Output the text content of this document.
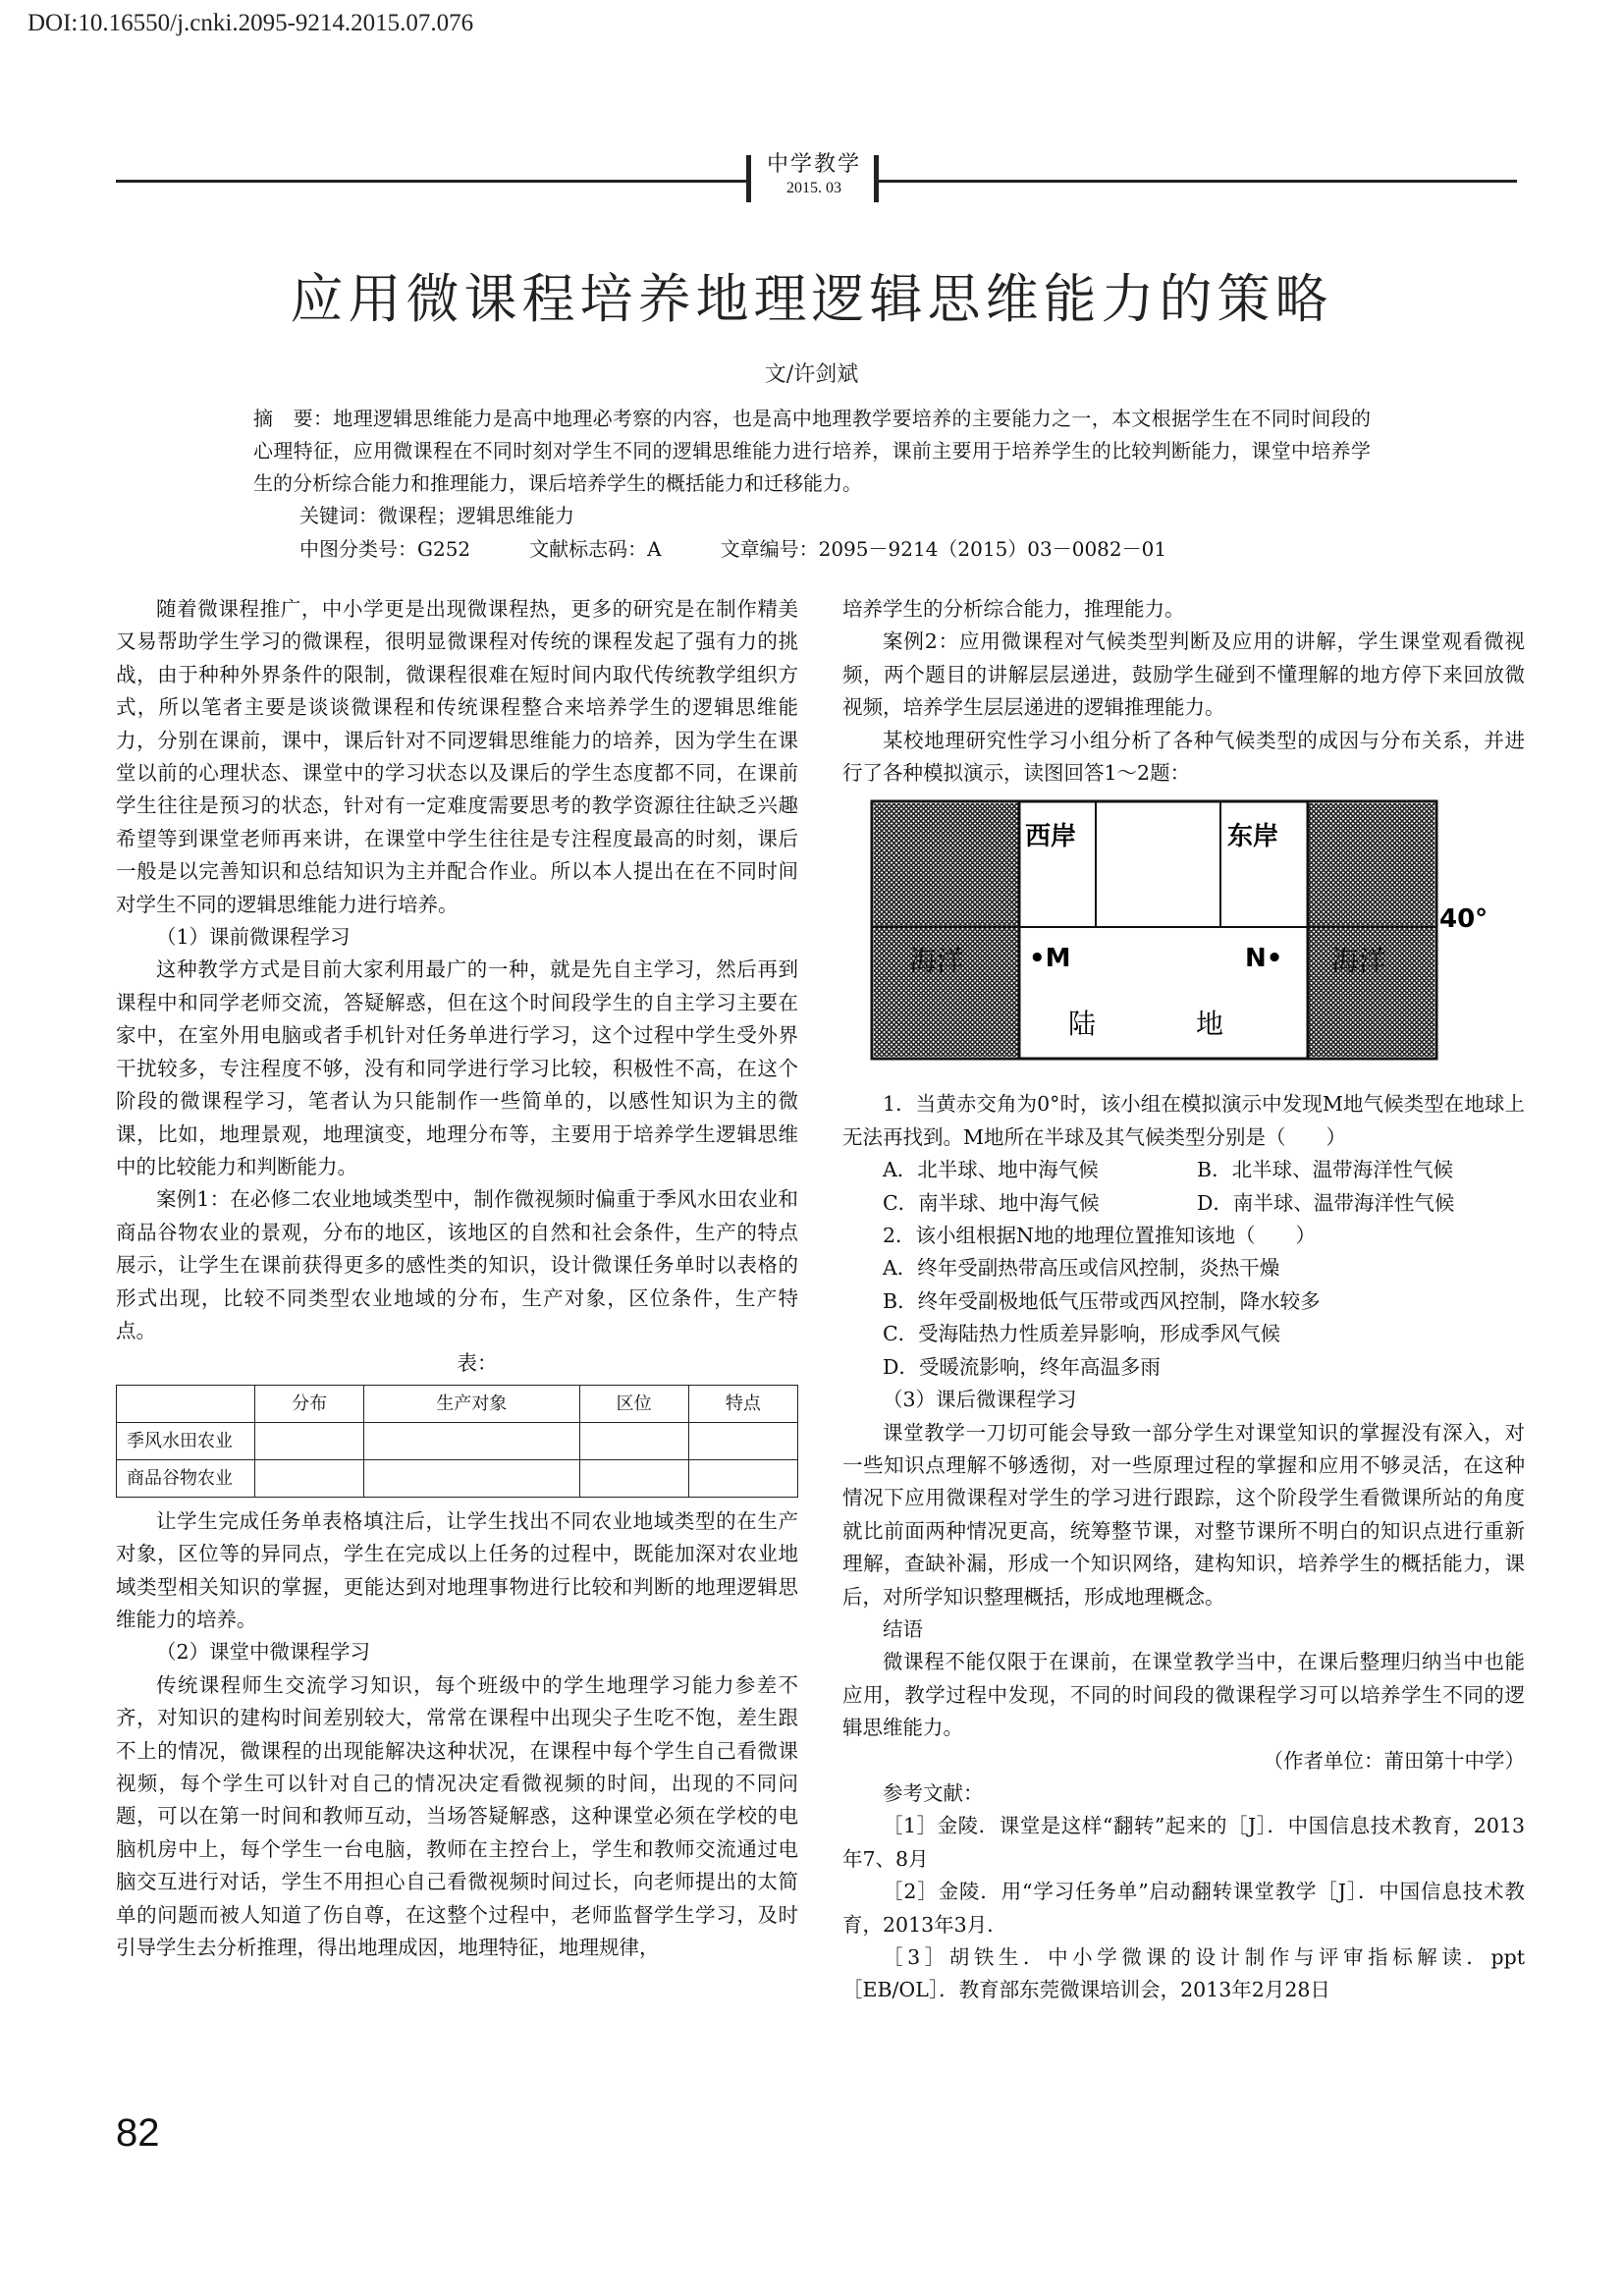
DOI:10.16550/j.cnki.2095-9214.2015.07.076
中学教学
2015. 03
应用微课程培养地理逻辑思维能力的策略
文/许剑斌
摘　要：地理逻辑思维能力是高中地理必考察的内容，也是高中地理教学要培养的主要能力之一，本文根据学生在不同时间段的心理特征，应用微课程在不同时刻对学生不同的逻辑思维能力进行培养，课前主要用于培养学生的比较判断能力，课堂中培养学生的分析综合能力和推理能力，课后培养学生的概括能力和迁移能力。
关键词：微课程；逻辑思维能力
中图分类号：G252　　　文献标志码：A　　　文章编号：2095－9214（2015）03－0082－01

随着微课程推广，中小学更是出现微课程热，更多的研究是在制作精美又易帮助学生学习的微课程，很明显微课程对传统的课程发起了强有力的挑战，由于种种外界条件的限制，微课程很难在短时间内取代传统教学组织方式，所以笔者主要是谈谈微课程和传统课程整合来培养学生的逻辑思维能力，分别在课前，课中，课后针对不同逻辑思维能力的培养，因为学生在课堂以前的心理状态、课堂中的学习状态以及课后的学生态度都不同，在课前学生往往是预习的状态，针对有一定难度需要思考的教学资源往往缺乏兴趣希望等到课堂老师再来讲，在课堂中学生往往是专注程度最高的时刻，课后一般是以完善知识和总结知识为主并配合作业。所以本人提出在在不同时间对学生不同的逻辑思维能力进行培养。

（1）课前微课程学习

这种教学方式是目前大家利用最广的一种，就是先自主学习，然后再到课程中和同学老师交流，答疑解惑，但在这个时间段学生的自主学习主要在家中，在室外用电脑或者手机针对任务单进行学习，这个过程中学生受外界干扰较多，专注程度不够，没有和同学进行学习比较，积极性不高，在这个阶段的微课程学习，笔者认为只能制作一些简单的，以感性知识为主的微课，比如，地理景观，地理演变，地理分布等，主要用于培养学生逻辑思维中的比较能力和判断能力。

案例1：在必修二农业地域类型中，制作微视频时偏重于季风水田农业和商品谷物农业的景观，分布的地区，该地区的自然和社会条件，生产的特点展示，让学生在课前获得更多的感性类的知识，设计微课任务单时以表格的形式出现，比较不同类型农业地域的分布，生产对象，区位条件，生产特点。

表：

	分布	生产对象	区位	特点
季风水田农业				
商品谷物农业				

让学生完成任务单表格填注后，让学生找出不同农业地域类型的在生产对象，区位等的异同点，学生在完成以上任务的过程中，既能加深对农业地域类型相关知识的掌握，更能达到对地理事物进行比较和判断的地理逻辑思维能力的培养。

（2）课堂中微课程学习

传统课程师生交流学习知识，每个班级中的学生地理学习能力参差不齐，对知识的建构时间差别较大，常常在课程中出现尖子生吃不饱，差生跟不上的情况，微课程的出现能解决这种状况，在课程中每个学生自己看微课视频，每个学生可以针对自己的情况决定看微视频的时间，出现的不同问题，可以在第一时间和教师互动，当场答疑解惑，这种课堂必须在学校的电脑机房中上，每个学生一台电脑，教师在主控台上，学生和教师交流通过电脑交互进行对话，学生不用担心自己看微视频时间过长，向老师提出的太简单的问题而被人知道了伤自尊，在这整个过程中，老师监督学生学习，及时引导学生去分析推理，得出地理成因，地理特征，地理规律，

培养学生的分析综合能力，推理能力。

案例2：应用微课程对气候类型判断及应用的讲解，学生课堂观看微视频，两个题目的讲解层层递进，鼓励学生碰到不懂理解的地方停下来回放微视频，培养学生层层递进的逻辑推理能力。

某校地理研究性学习小组分析了各种气候类型的成因与分布关系，并进行了各种模拟演示，读图回答1～2题：

西岸	东岸
40°
海洋	海洋
•M	N•
陆	地

1．当黄赤交角为0°时，该小组在模拟演示中发现M地气候类型在地球上无法再找到。M地所在半球及其气候类型分别是（　　）

A．北半球、地中海气候	B．北半球、温带海洋性气候
C．南半球、地中海气候	D．南半球、温带海洋性气候

2．该小组根据N地的地理位置推知该地（　　）

A．终年受副热带高压或信风控制，炎热干燥

B．终年受副极地低气压带或西风控制，降水较多

C．受海陆热力性质差异影响，形成季风气候

D．受暖流影响，终年高温多雨

（3）课后微课程学习

课堂教学一刀切可能会导致一部分学生对课堂知识的掌握没有深入，对一些知识点理解不够透彻，对一些原理过程的掌握和应用不够灵活，在这种情况下应用微课程对学生的学习进行跟踪，这个阶段学生看微课所站的角度就比前面两种情况更高，统筹整节课，对整节课所不明白的知识点进行重新理解，查缺补漏，形成一个知识网络，建构知识，培养学生的概括能力，课后，对所学知识整理概括，形成地理概念。

结语

微课程不能仅限于在课前，在课堂教学当中，在课后整理归纳当中也能应用，教学过程中发现，不同的时间段的微课程学习可以培养学生不同的逻辑思维能力。

（作者单位：莆田第十中学）

参考文献：

［1］金陵．课堂是这样“翻转”起来的［J］．中国信息技术教育，2013年7、8月

［2］金陵．用“学习任务单”启动翻转课堂教学［J］．中国信息技术教育，2013年3月．

［3］胡铁生．中小学微课的设计制作与评审指标解读．ppt［EB/OL］．教育部东莞微课培训会，2013年2月28日

82
